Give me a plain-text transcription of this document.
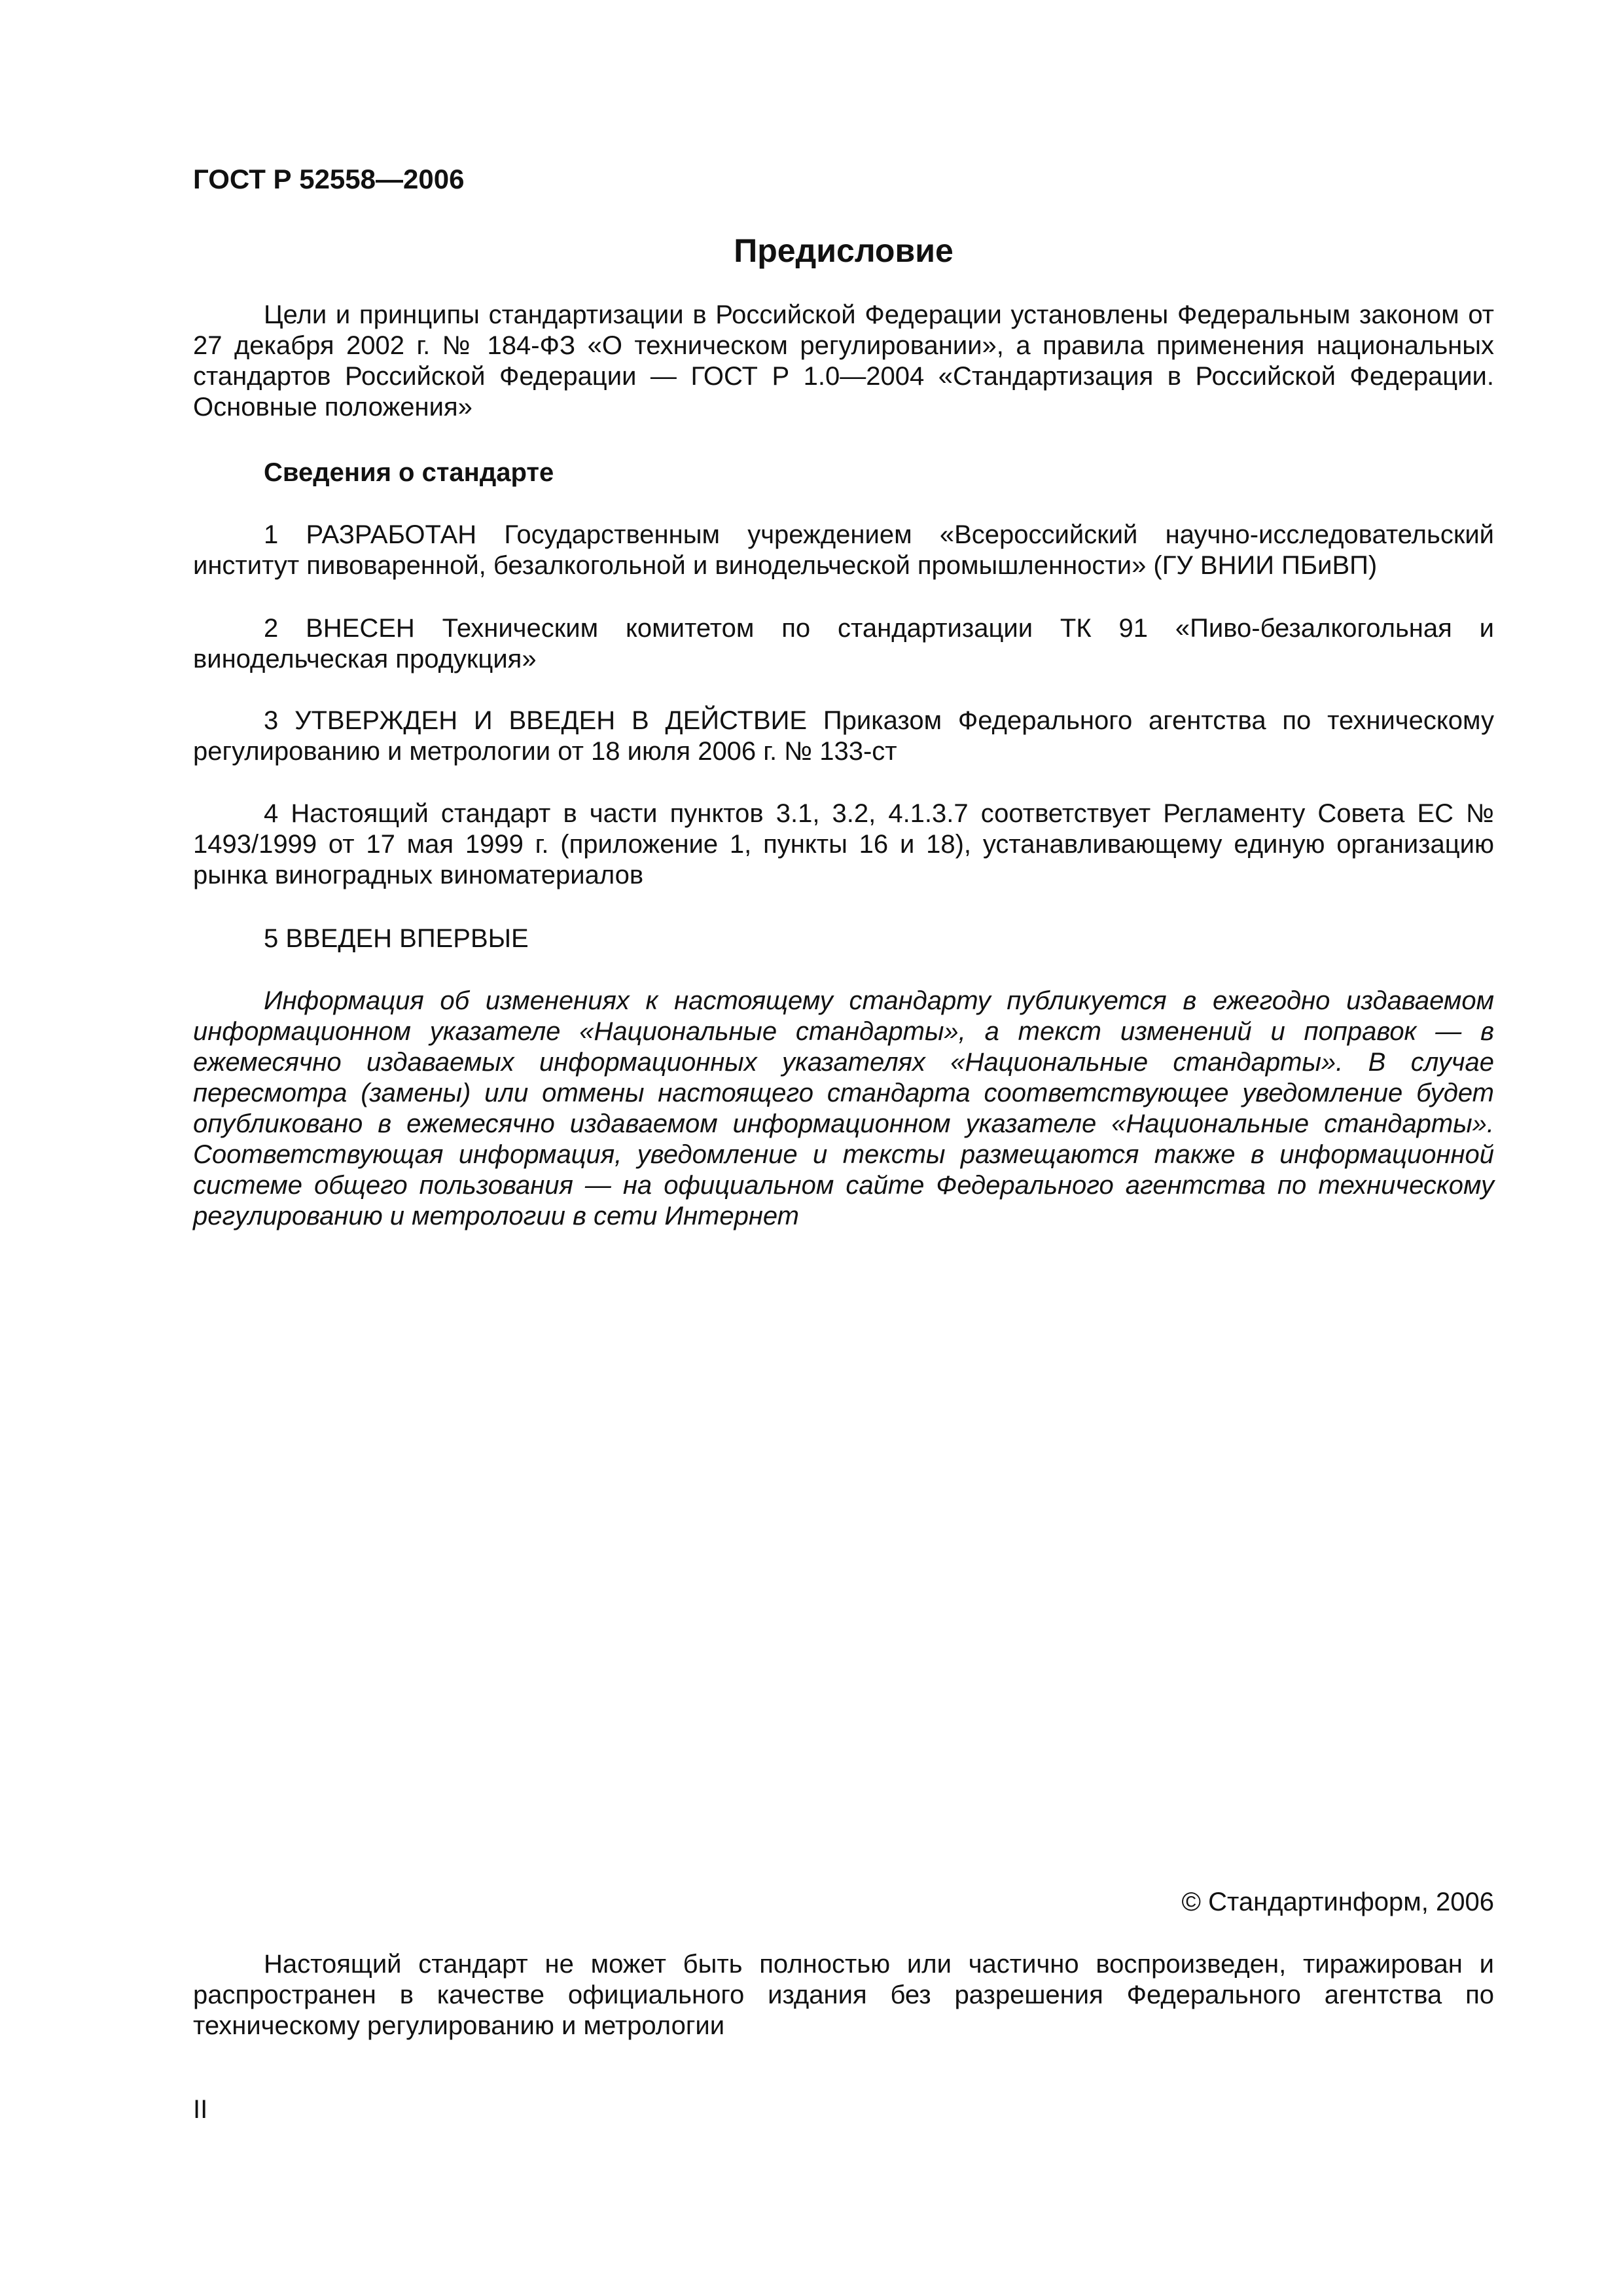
ГОСТ Р 52558—2006
Предисловие

Цели и принципы стандартизации в Российской Федерации установлены Федеральным законом от 27 декабря 2002 г. № 184-ФЗ «О техническом регулировании», а правила применения национальных стандартов Российской Федерации — ГОСТ Р 1.0—2004 «Стандартизация в Российской Федерации. Основные положения»

Сведения о стандарте

1 РАЗРАБОТАН Государственным учреждением «Всероссийский научно-исследовательский институт пивоваренной, безалкогольной и винодельческой промышленности» (ГУ ВНИИ ПБиВП)

2 ВНЕСЕН Техническим комитетом по стандартизации ТК 91 «Пиво-безалкогольная и винодельческая продукция»

3 УТВЕРЖДЕН И ВВЕДЕН В ДЕЙСТВИЕ Приказом Федерального агентства по техническому регулированию и метрологии от 18 июля 2006 г. № 133-ст

4 Настоящий стандарт в части пунктов 3.1, 3.2, 4.1.3.7 соответствует Регламенту Совета ЕС № 1493/1999 от 17 мая 1999 г. (приложение 1, пункты 16 и 18), устанавливающему единую организацию рынка виноградных виноматериалов

5 ВВЕДЕН ВПЕРВЫЕ

Информация об изменениях к настоящему стандарту публикуется в ежегодно издаваемом информационном указателе «Национальные стандарты», а текст изменений и поправок — в ежемесячно издаваемых информационных указателях «Национальные стандарты». В случае пересмотра (замены) или отмены настоящего стандарта соответствующее уведомление будет опубликовано в ежемесячно издаваемом информационном указателе «Национальные стандарты». Соответствующая информация, уведомление и тексты размещаются также в информационной системе общего пользования — на официальном сайте Федерального агентства по техническому регулированию и метрологии в сети Интернет

© Стандартинформ, 2006

Настоящий стандарт не может быть полностью или частично воспроизведен, тиражирован и распространен в качестве официального издания без разрешения Федерального агентства по техническому регулированию и метрологии

II
